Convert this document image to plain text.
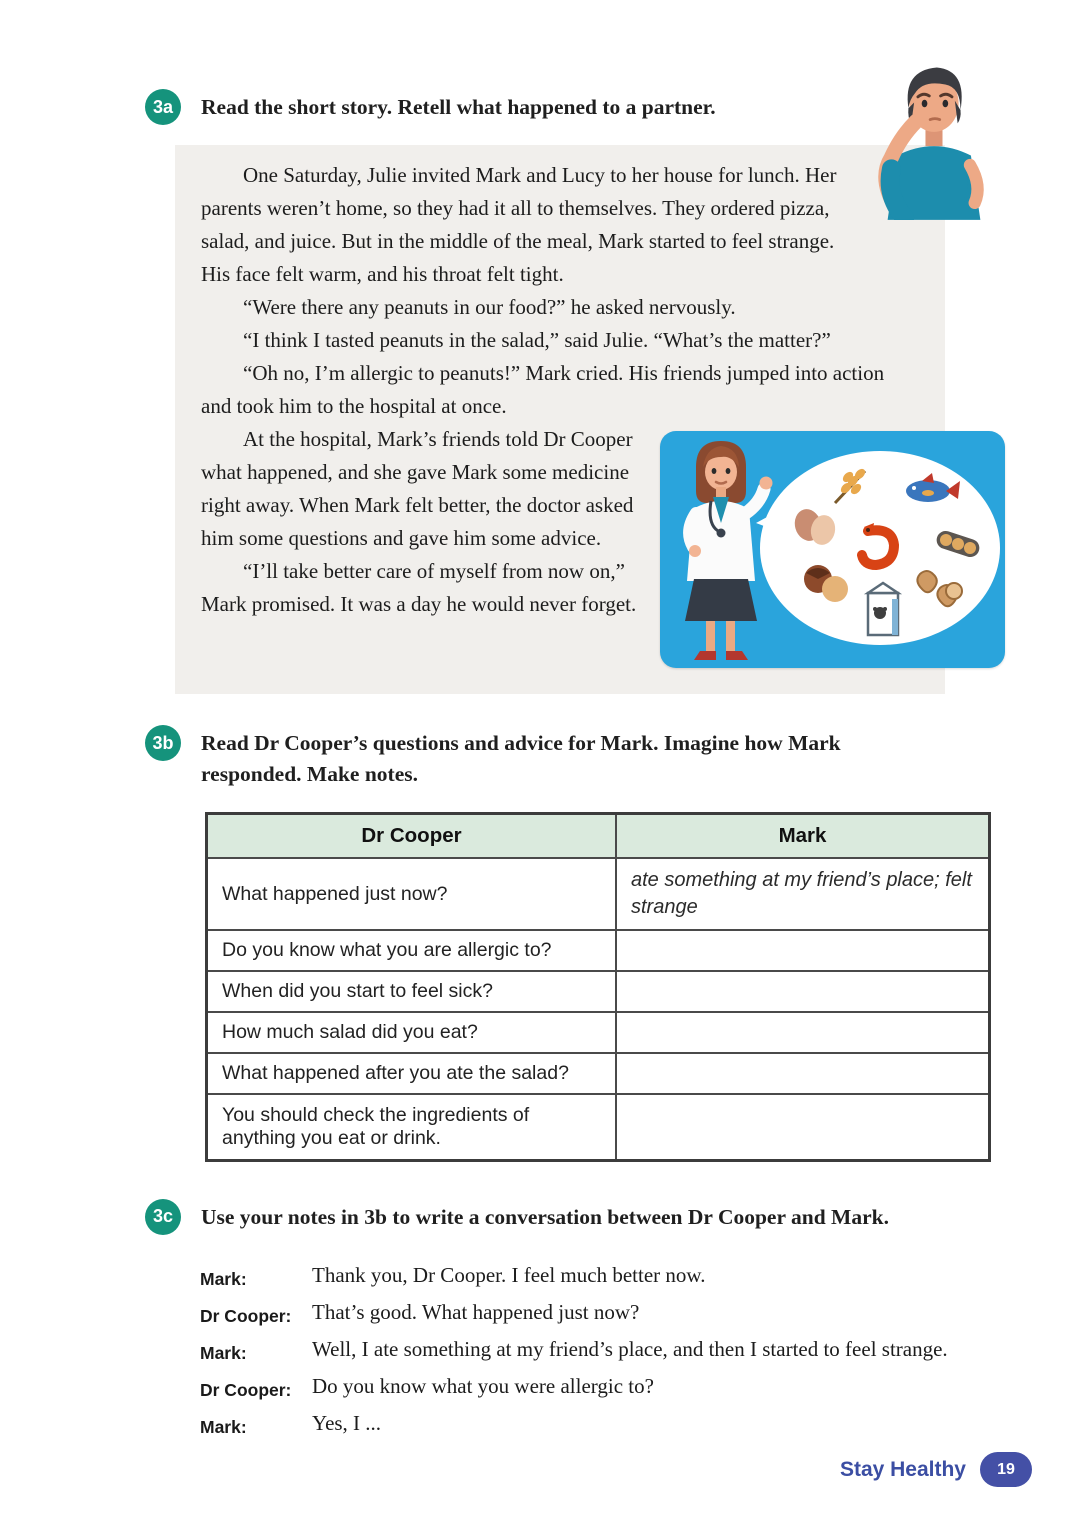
3a	Read the short story. Retell what happened to a partner.

One Saturday, Julie invited Mark and Lucy to her house for lunch. Her parents weren’t home, so they had it all to themselves. They ordered pizza, salad, and juice. But in the middle of the meal, Mark started to feel strange. His face felt warm, and his throat felt tight.

“Were there any peanuts in our food?” he asked nervously.

“I think I tasted peanuts in the salad,” said Julie. “What’s the matter?”

“Oh no, I’m allergic to peanuts!” Mark cried. His friends jumped into action and took him to the hospital at once.

At the hospital, Mark’s friends told Dr Cooper what happened, and she gave Mark some medicine right away. When Mark felt better, the doctor asked him some questions and gave him some advice.

“I’ll take better care of myself from now on,” Mark promised. It was a day he would never forget.

3b	Read Dr Cooper’s questions and advice for Mark. Imagine how Mark responded. Make notes.
Dr Cooper	Mark
What happened just now?	ate something at my friend’s place; felt strange
Do you know what you are allergic to?	
When did you start to feel sick?	
How much salad did you eat?	
What happened after you ate the salad?	
You should check the ingredients of anything you eat or drink.	
3c	Use your notes in 3b to write a conversation between Dr Cooper and Mark.
Mark:	Thank you, Dr Cooper. I feel much better now.
Dr Cooper: That’s good. What happened just now?
Mark:	Well, I ate something at my friend’s place, and then I started to feel strange.
Dr Cooper: Do you know what you were allergic to?
Mark:	Yes, I ...
Stay Healthy	19
